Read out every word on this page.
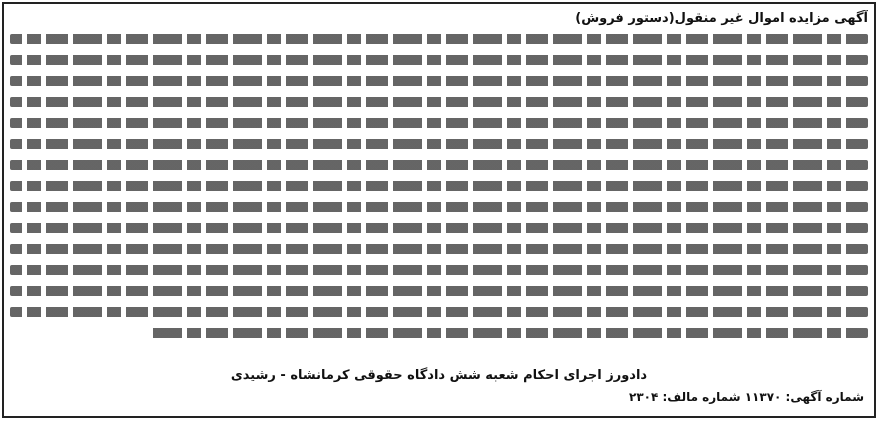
آگهی مزایده اموال غیر منقول(دستور فروش)
دادورز اجرای احکام شعبه شش دادگاه حقوقی کرمانشاه - رشیدی
شماره آگهی: ۱۱۳۷۰ شماره مالف: ۲۳۰۴
